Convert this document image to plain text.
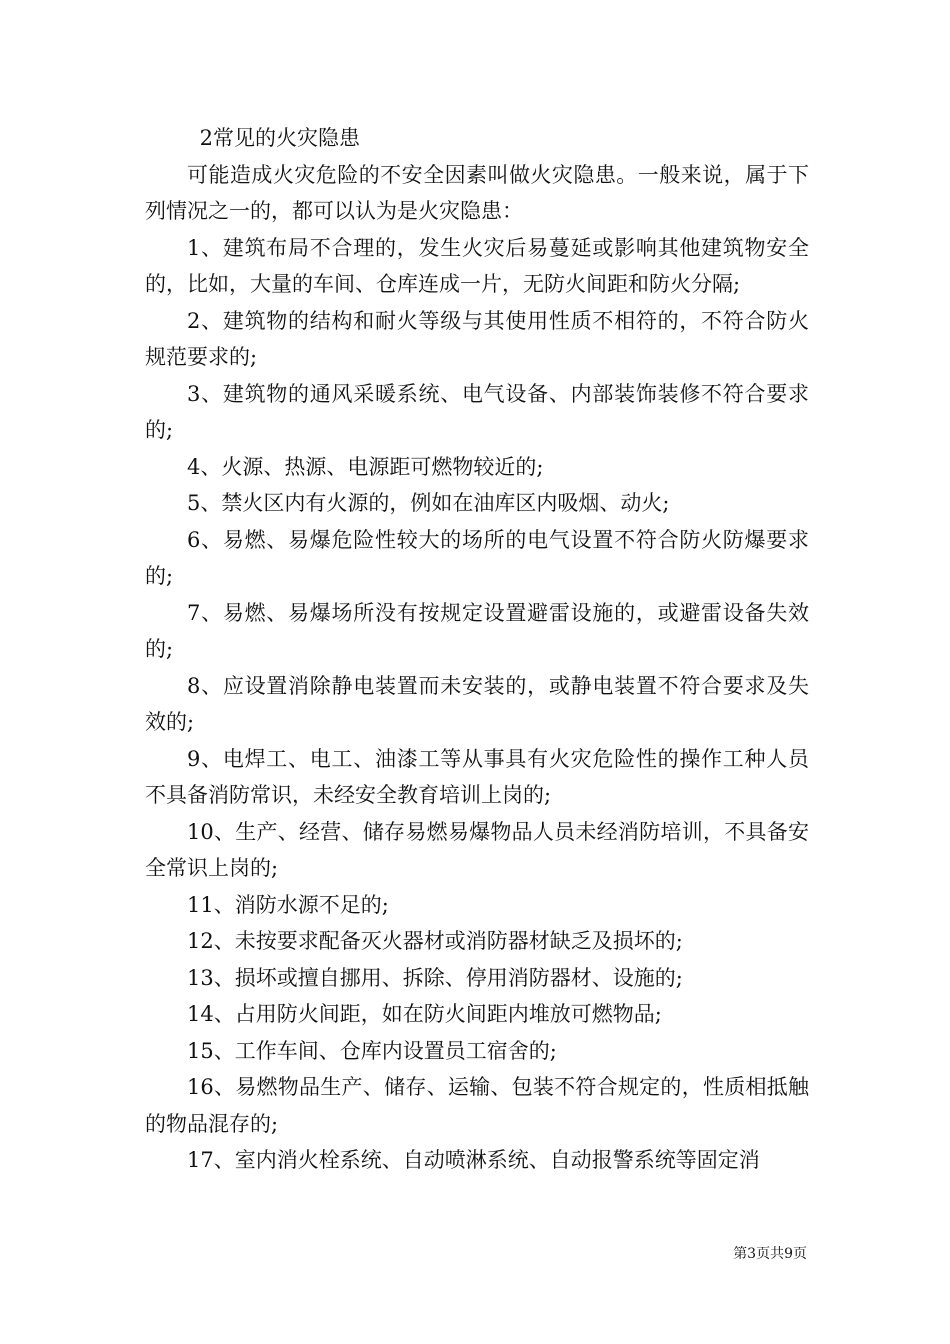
2常见的火灾隐患

可能造成火灾危险的不安全因素叫做火灾隐患。一般来说，属于下列情况之一的，都可以认为是火灾隐患：

1、建筑布局不合理的，发生火灾后易蔓延或影响其他建筑物安全的，比如，大量的车间、仓库连成一片，无防火间距和防火分隔;

2、建筑物的结构和耐火等级与其使用性质不相符的，不符合防火规范要求的;

3、建筑物的通风采暖系统、电气设备、内部装饰装修不符合要求的;

4、火源、热源、电源距可燃物较近的;

5、禁火区内有火源的，例如在油库区内吸烟、动火;

6、易燃、易爆危险性较大的场所的电气设置不符合防火防爆要求的;

7、易燃、易爆场所没有按规定设置避雷设施的，或避雷设备失效的;

8、应设置消除静电装置而未安装的，或静电装置不符合要求及失效的;

9、电焊工、电工、油漆工等从事具有火灾危险性的操作工种人员不具备消防常识，未经安全教育培训上岗的;

10、生产、经营、储存易燃易爆物品人员未经消防培训，不具备安全常识上岗的;

11、消防水源不足的;

12、未按要求配备灭火器材或消防器材缺乏及损坏的;

13、损坏或擅自挪用、拆除、停用消防器材、设施的;

14、占用防火间距，如在防火间距内堆放可燃物品;

15、工作车间、仓库内设置员工宿舍的;

16、易燃物品生产、储存、运输、包装不符合规定的，性质相抵触的物品混存的;

17、室内消火栓系统、自动喷淋系统、自动报警系统等固定消

第3页共9页
